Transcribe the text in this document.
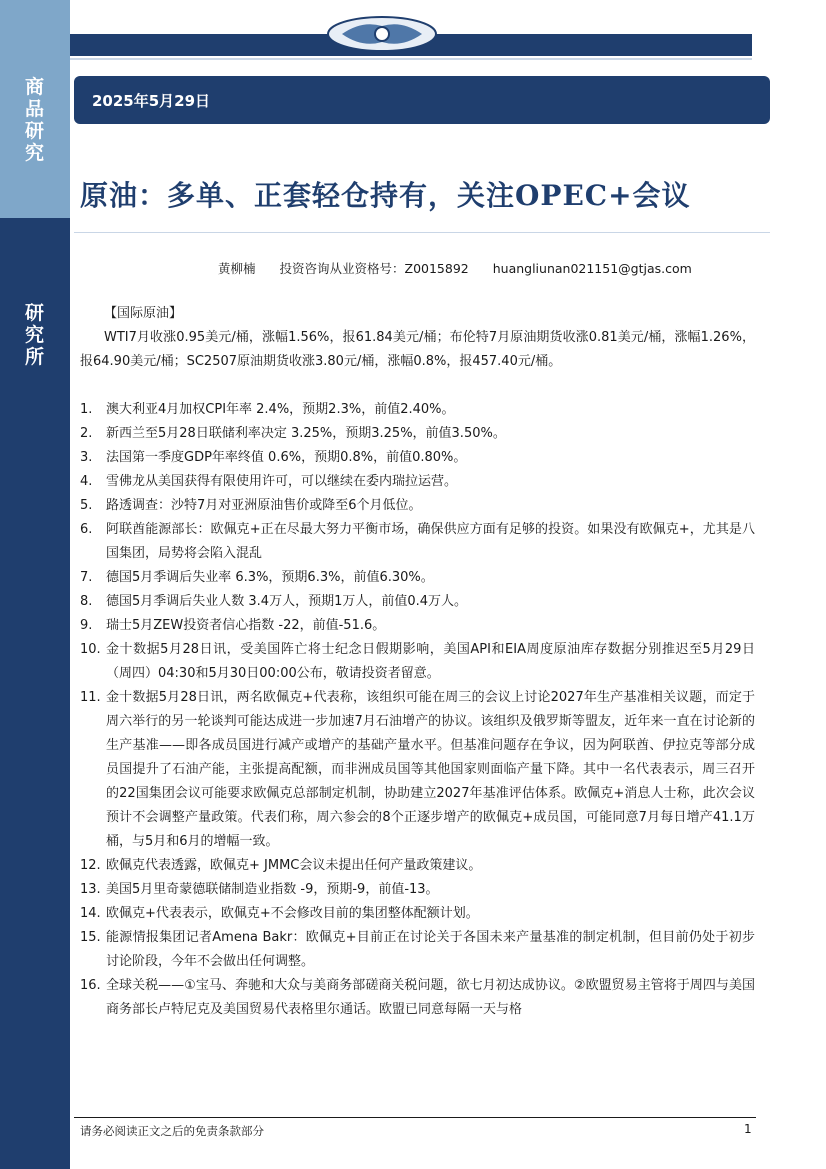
商
品
研
究
研
究
所
2025年5月29日
原油：多单、正套轻仓持有，关注OPEC+会议
黄柳楠 投资咨询从业资格号：Z0015892 huangliunan021151@gtjas.com
【国际原油】
WTI7月收涨0.95美元/桶，涨幅1.56%，报61.84美元/桶；布伦特7月原油期货收涨0.81美元/桶，涨幅1.26%，报64.90美元/桶；SC2507原油期货收涨3.80元/桶，涨幅0.8%，报457.40元/桶。
1.	澳大利亚4月加权CPI年率 2.4%，预期2.3%，前值2.40%。
2.	新西兰至5月28日联储利率决定 3.25%，预期3.25%，前值3.50%。
3.	法国第一季度GDP年率终值 0.6%，预期0.8%，前值0.80%。
4.	雪佛龙从美国获得有限使用许可，可以继续在委内瑞拉运营。
5.	路透调查：沙特7月对亚洲原油售价或降至6个月低位。
6.	阿联酋能源部长：欧佩克+正在尽最大努力平衡市场，确保供应方面有足够的投资。如果没有欧佩克+，尤其是八国集团，局势将会陷入混乱
7.	德国5月季调后失业率 6.3%，预期6.3%，前值6.30%。
8.	德国5月季调后失业人数 3.4万人，预期1万人，前值0.4万人。
9.	瑞士5月ZEW投资者信心指数 -22，前值-51.6。
10. 金十数据5月28日讯，受美国阵亡将士纪念日假期影响，美国API和EIA周度原油库存数据分别推迟至5月29日（周四）04:30和5月30日00:00公布，敬请投资者留意。
11. 金十数据5月28日讯，两名欧佩克+代表称，该组织可能在周三的会议上讨论2027年生产基准相关议题，而定于周六举行的另一轮谈判可能达成进一步加速7月石油增产的协议。该组织及俄罗斯等盟友，近年来一直在讨论新的生产基准——即各成员国进行减产或增产的基础产量水平。但基准问题存在争议，因为阿联酋、伊拉克等部分成员国提升了石油产能，主张提高配额，而非洲成员国等其他国家则面临产量下降。其中一名代表表示，周三召开的22国集团会议可能要求欧佩克总部制定机制，协助建立2027年基准评估体系。欧佩克+消息人士称，此次会议预计不会调整产量政策。代表们称，周六参会的8个正逐步增产的欧佩克+成员国，可能同意7月每日增产41.1万桶，与5月和6月的增幅一致。
12. 欧佩克代表透露，欧佩克+ JMMC会议未提出任何产量政策建议。
13. 美国5月里奇蒙德联储制造业指数 -9，预期-9，前值-13。
14. 欧佩克+代表表示，欧佩克+不会修改目前的集团整体配额计划。
15. 能源情报集团记者Amena Bakr：欧佩克+目前正在讨论关于各国未来产量基准的制定机制，但目前仍处于初步讨论阶段，今年不会做出任何调整。
16. 全球关税——①宝马、奔驰和大众与美商务部磋商关税问题，欲七月初达成协议。②欧盟贸易主管将于周四与美国商务部长卢特尼克及美国贸易代表格里尔通话。欧盟已同意每隔一天与格
请务必阅读正文之后的免责条款部分	1
